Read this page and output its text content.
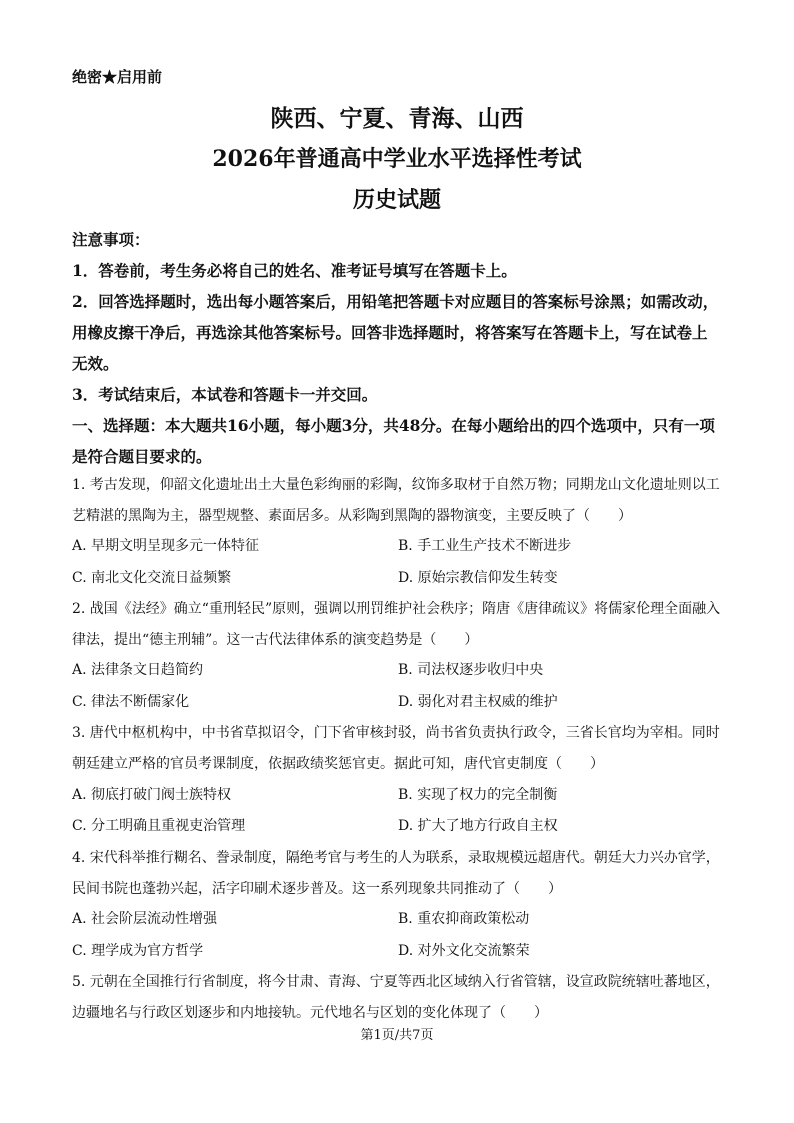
绝密★启用前
陕西、宁夏、青海、山西
2026年普通高中学业水平选择性考试
历史试题
注意事项：
1．答卷前，考生务必将自己的姓名、准考证号填写在答题卡上。
2．回答选择题时，选出每小题答案后，用铅笔把答题卡对应题目的答案标号涂黑；如需改动，用橡皮擦干净后，再选涂其他答案标号。回答非选择题时，将答案写在答题卡上，写在试卷上无效。
3．考试结束后，本试卷和答题卡一并交回。
一、选择题：本大题共16小题，每小题3分，共48分。在每小题给出的四个选项中，只有一项是符合题目要求的。
1. 考古发现，仰韶文化遗址出土大量色彩绚丽的彩陶，纹饰多取材于自然万物；同期龙山文化遗址则以工艺精湛的黑陶为主，器型规整、素面居多。从彩陶到黑陶的器物演变，主要反映了（　　）
A. 早期文明呈现多元一体特征	B. 手工业生产技术不断进步
C. 南北文化交流日益频繁	D. 原始宗教信仰发生转变
2. 战国《法经》确立“重刑轻民”原则，强调以刑罚维护社会秩序；隋唐《唐律疏议》将儒家伦理全面融入律法，提出“德主刑辅”。这一古代法律体系的演变趋势是（　　）
A. 法律条文日趋简约	B. 司法权逐步收归中央
C. 律法不断儒家化	D. 弱化对君主权威的维护
3. 唐代中枢机构中，中书省草拟诏令，门下省审核封驳，尚书省负责执行政令，三省长官均为宰相。同时朝廷建立严格的官员考课制度，依据政绩奖惩官吏。据此可知，唐代官吏制度（　　）
A. 彻底打破门阀士族特权	B. 实现了权力的完全制衡
C. 分工明确且重视吏治管理	D. 扩大了地方行政自主权
4. 宋代科举推行糊名、誊录制度，隔绝考官与考生的人为联系，录取规模远超唐代。朝廷大力兴办官学，民间书院也蓬勃兴起，活字印刷术逐步普及。这一系列现象共同推动了（　　）
A. 社会阶层流动性增强	B. 重农抑商政策松动
C. 理学成为官方哲学	D. 对外文化交流繁荣
5. 元朝在全国推行行省制度，将今甘肃、青海、宁夏等西北区域纳入行省管辖，设宣政院统辖吐蕃地区，边疆地名与行政区划逐步和内地接轨。元代地名与区划的变化体现了（　　）
第1页/共7页
